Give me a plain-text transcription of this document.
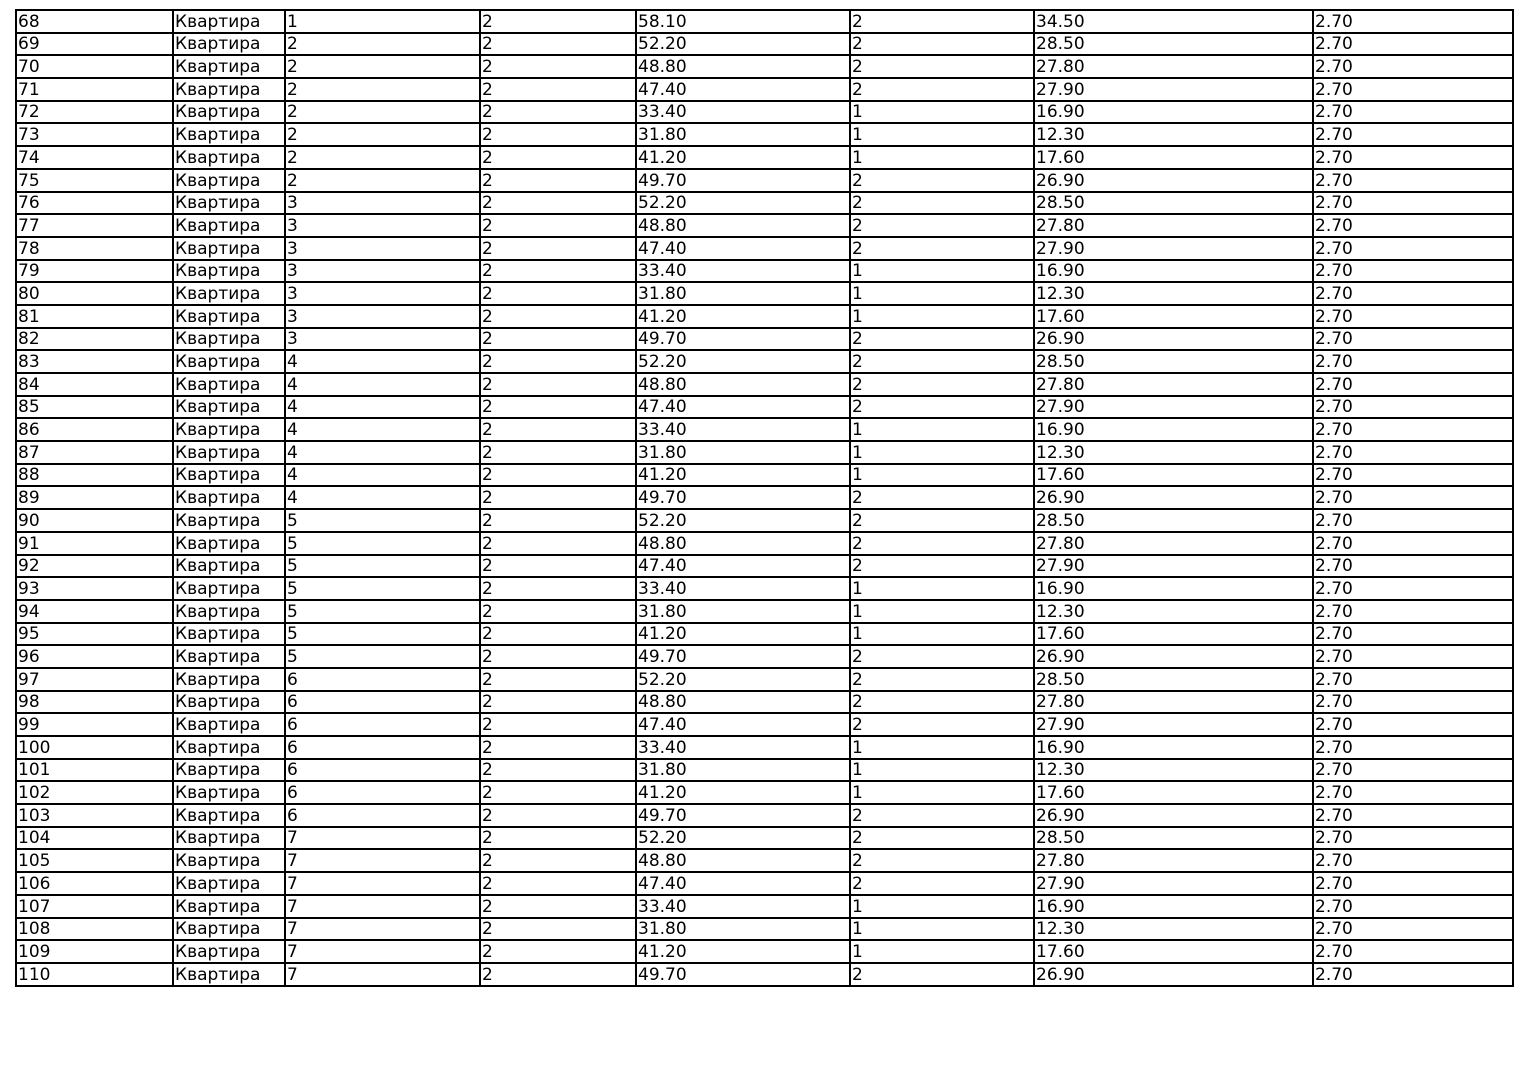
68	Квартира	1	2	58.10	2	34.50	2.70
69	Квартира	2	2	52.20	2	28.50	2.70
70	Квартира	2	2	48.80	2	27.80	2.70
71	Квартира	2	2	47.40	2	27.90	2.70
72	Квартира	2	2	33.40	1	16.90	2.70
73	Квартира	2	2	31.80	1	12.30	2.70
74	Квартира	2	2	41.20	1	17.60	2.70
75	Квартира	2	2	49.70	2	26.90	2.70
76	Квартира	3	2	52.20	2	28.50	2.70
77	Квартира	3	2	48.80	2	27.80	2.70
78	Квартира	3	2	47.40	2	27.90	2.70
79	Квартира	3	2	33.40	1	16.90	2.70
80	Квартира	3	2	31.80	1	12.30	2.70
81	Квартира	3	2	41.20	1	17.60	2.70
82	Квартира	3	2	49.70	2	26.90	2.70
83	Квартира	4	2	52.20	2	28.50	2.70
84	Квартира	4	2	48.80	2	27.80	2.70
85	Квартира	4	2	47.40	2	27.90	2.70
86	Квартира	4	2	33.40	1	16.90	2.70
87	Квартира	4	2	31.80	1	12.30	2.70
88	Квартира	4	2	41.20	1	17.60	2.70
89	Квартира	4	2	49.70	2	26.90	2.70
90	Квартира	5	2	52.20	2	28.50	2.70
91	Квартира	5	2	48.80	2	27.80	2.70
92	Квартира	5	2	47.40	2	27.90	2.70
93	Квартира	5	2	33.40	1	16.90	2.70
94	Квартира	5	2	31.80	1	12.30	2.70
95	Квартира	5	2	41.20	1	17.60	2.70
96	Квартира	5	2	49.70	2	26.90	2.70
97	Квартира	6	2	52.20	2	28.50	2.70
98	Квартира	6	2	48.80	2	27.80	2.70
99	Квартира	6	2	47.40	2	27.90	2.70
100	Квартира	6	2	33.40	1	16.90	2.70
101	Квартира	6	2	31.80	1	12.30	2.70
102	Квартира	6	2	41.20	1	17.60	2.70
103	Квартира	6	2	49.70	2	26.90	2.70
104	Квартира	7	2	52.20	2	28.50	2.70
105	Квартира	7	2	48.80	2	27.80	2.70
106	Квартира	7	2	47.40	2	27.90	2.70
107	Квартира	7	2	33.40	1	16.90	2.70
108	Квартира	7	2	31.80	1	12.30	2.70
109	Квартира	7	2	41.20	1	17.60	2.70
110	Квартира	7	2	49.70	2	26.90	2.70
